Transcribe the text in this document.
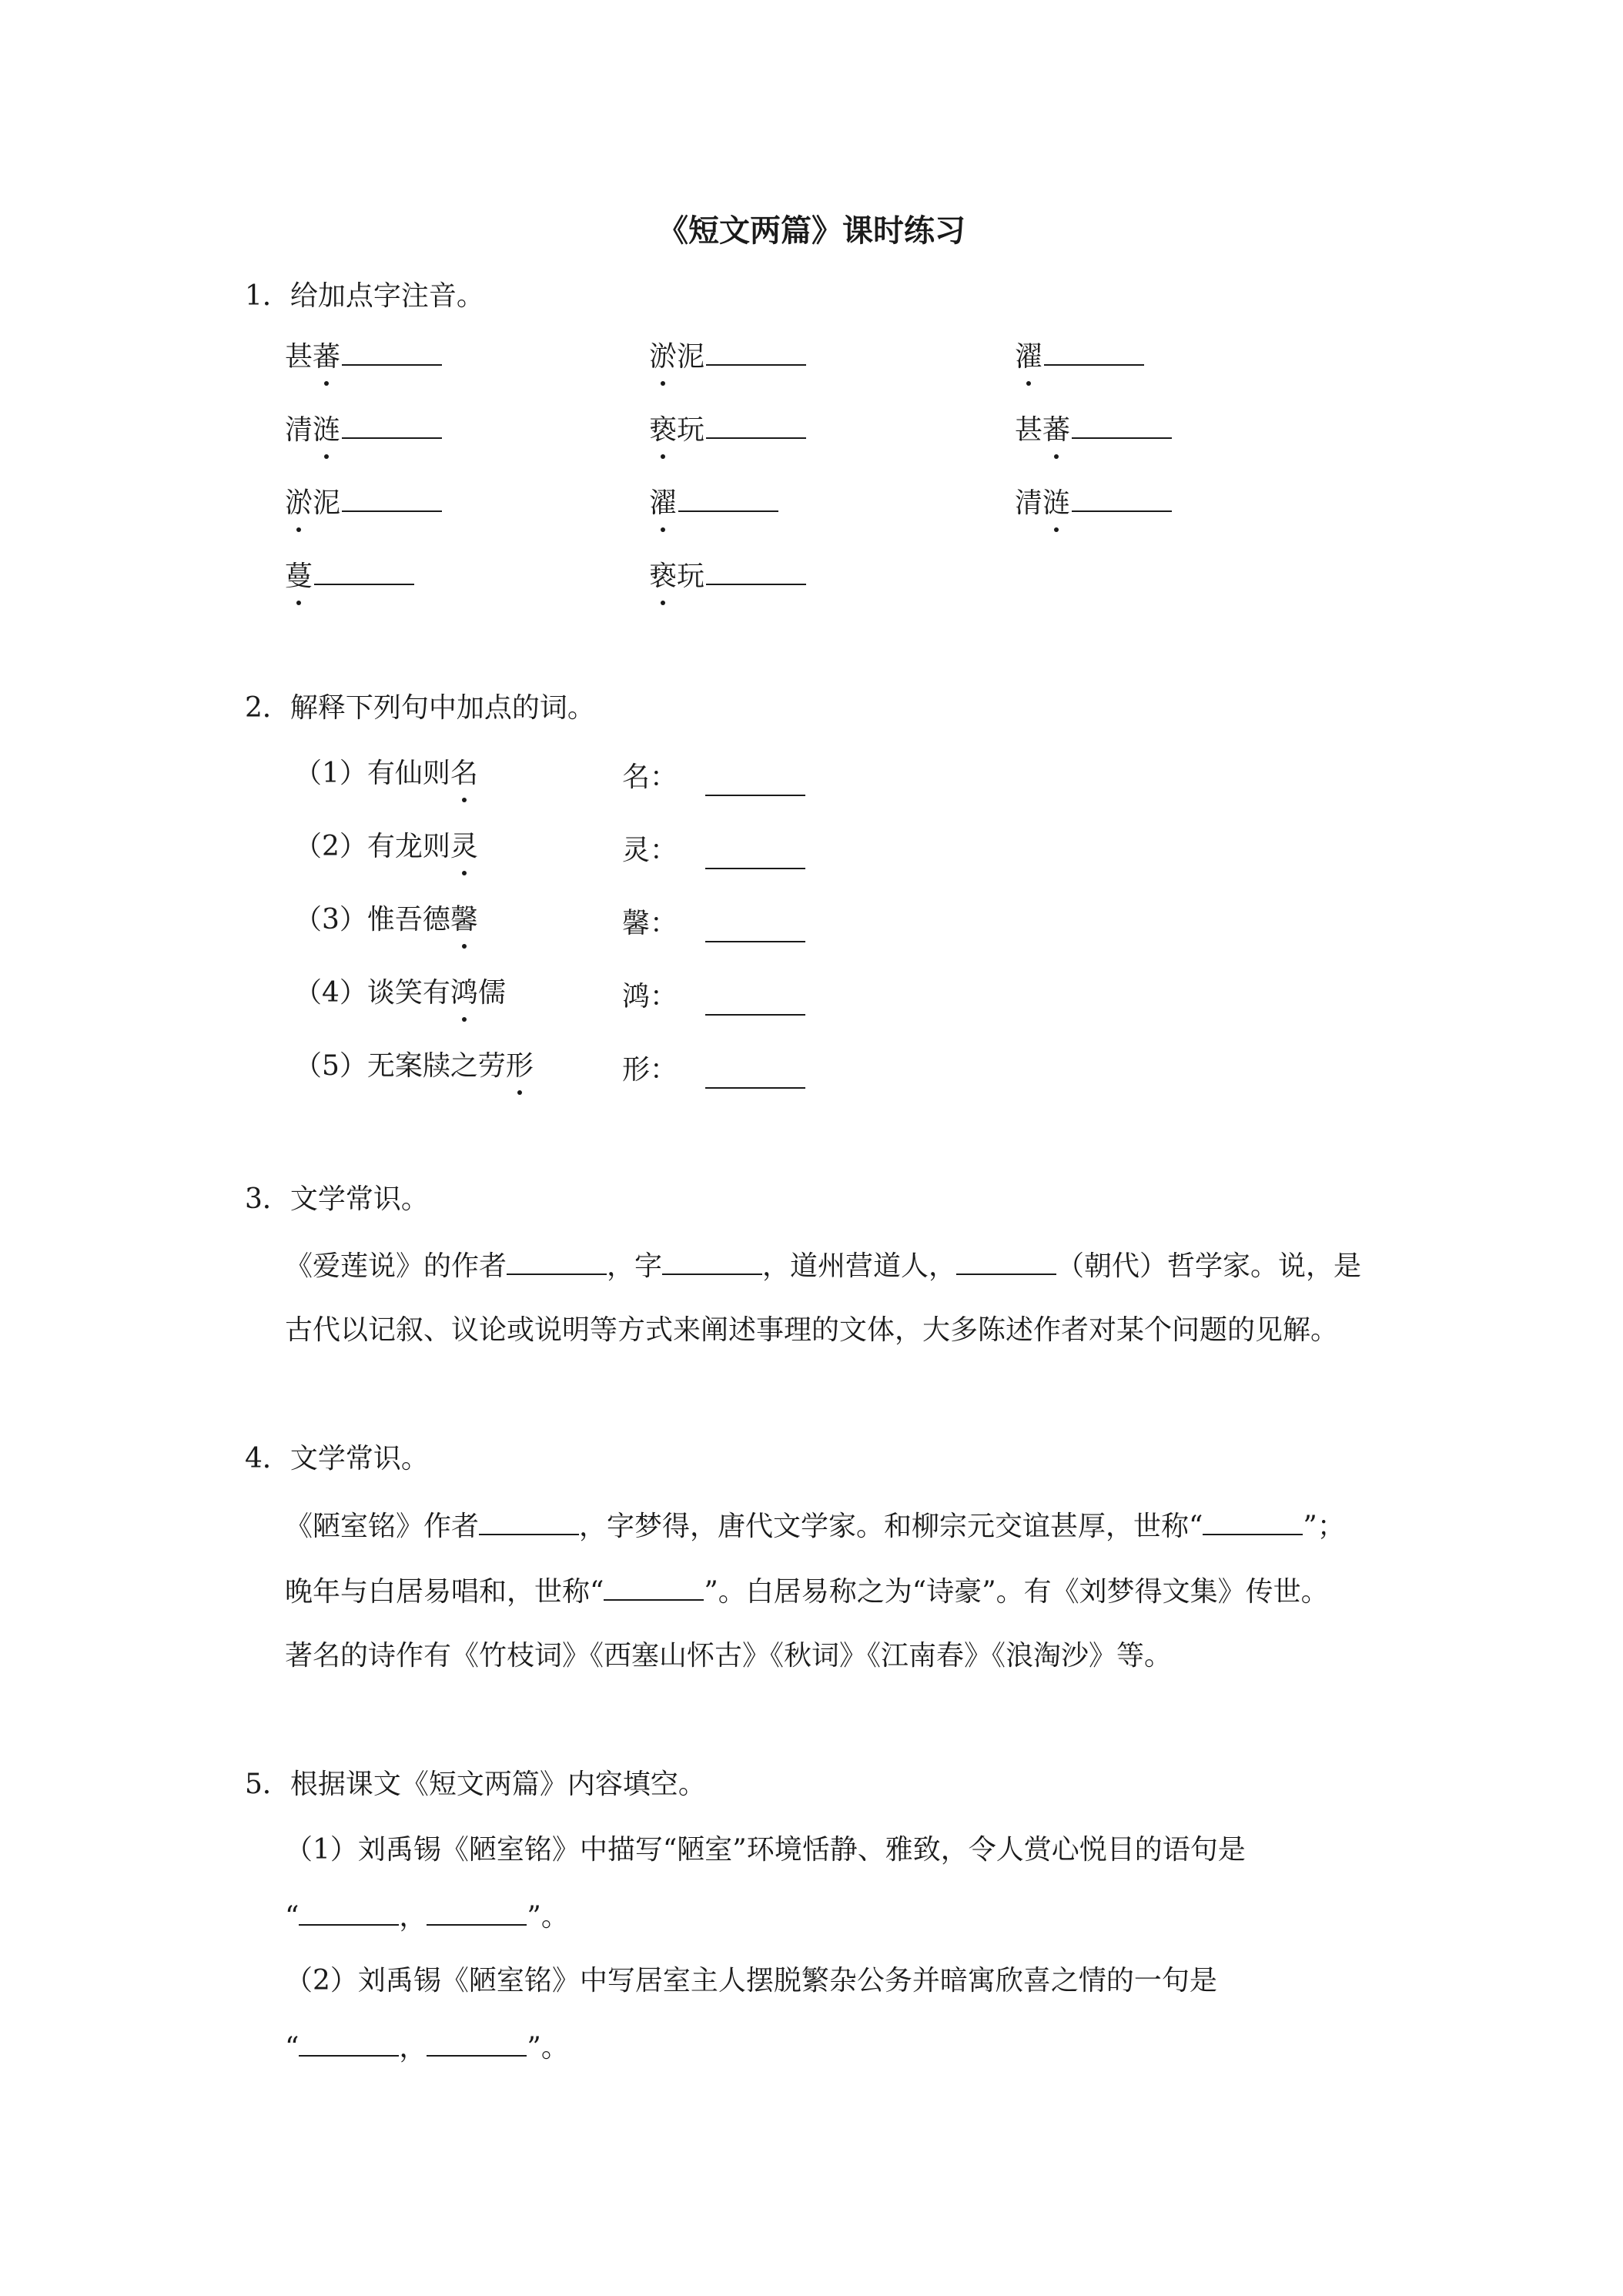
《短文两篇》课时练习
1．给加点字注音。
甚蕃	淤泥	濯
清涟	亵玩	甚蕃
淤泥	濯	清涟
蔓	亵玩
2．解释下列句中加点的词。
（1）有仙则名	名：
（2）有龙则灵	灵：
（3）惟吾德馨	馨：
（4）谈笑有鸿儒	鸿：
（5）无案牍之劳形	形：
3．文学常识。
《爱莲说》的作者	，字	，道州营道人，	（朝代）哲学家。说，是
古代以记叙、议论或说明等方式来阐述事理的文体，大多陈述作者对某个问题的见解。
4．文学常识。
《陋室铭》作者	，字梦得，唐代文学家。和柳宗元交谊甚厚，世称“	”；
晚年与白居易唱和，世称“	”。白居易称之为“诗豪”。有《刘梦得文集》传世。
著名的诗作有《竹枝词》《西塞山怀古》《秋词》《江南春》《浪淘沙》等。
5．根据课文《短文两篇》内容填空。
（1）刘禹锡《陋室铭》中描写“陋室”环境恬静、雅致，令人赏心悦目的语句是
“	，	”。
（2）刘禹锡《陋室铭》中写居室主人摆脱繁杂公务并暗寓欣喜之情的一句是
“	，	”。
